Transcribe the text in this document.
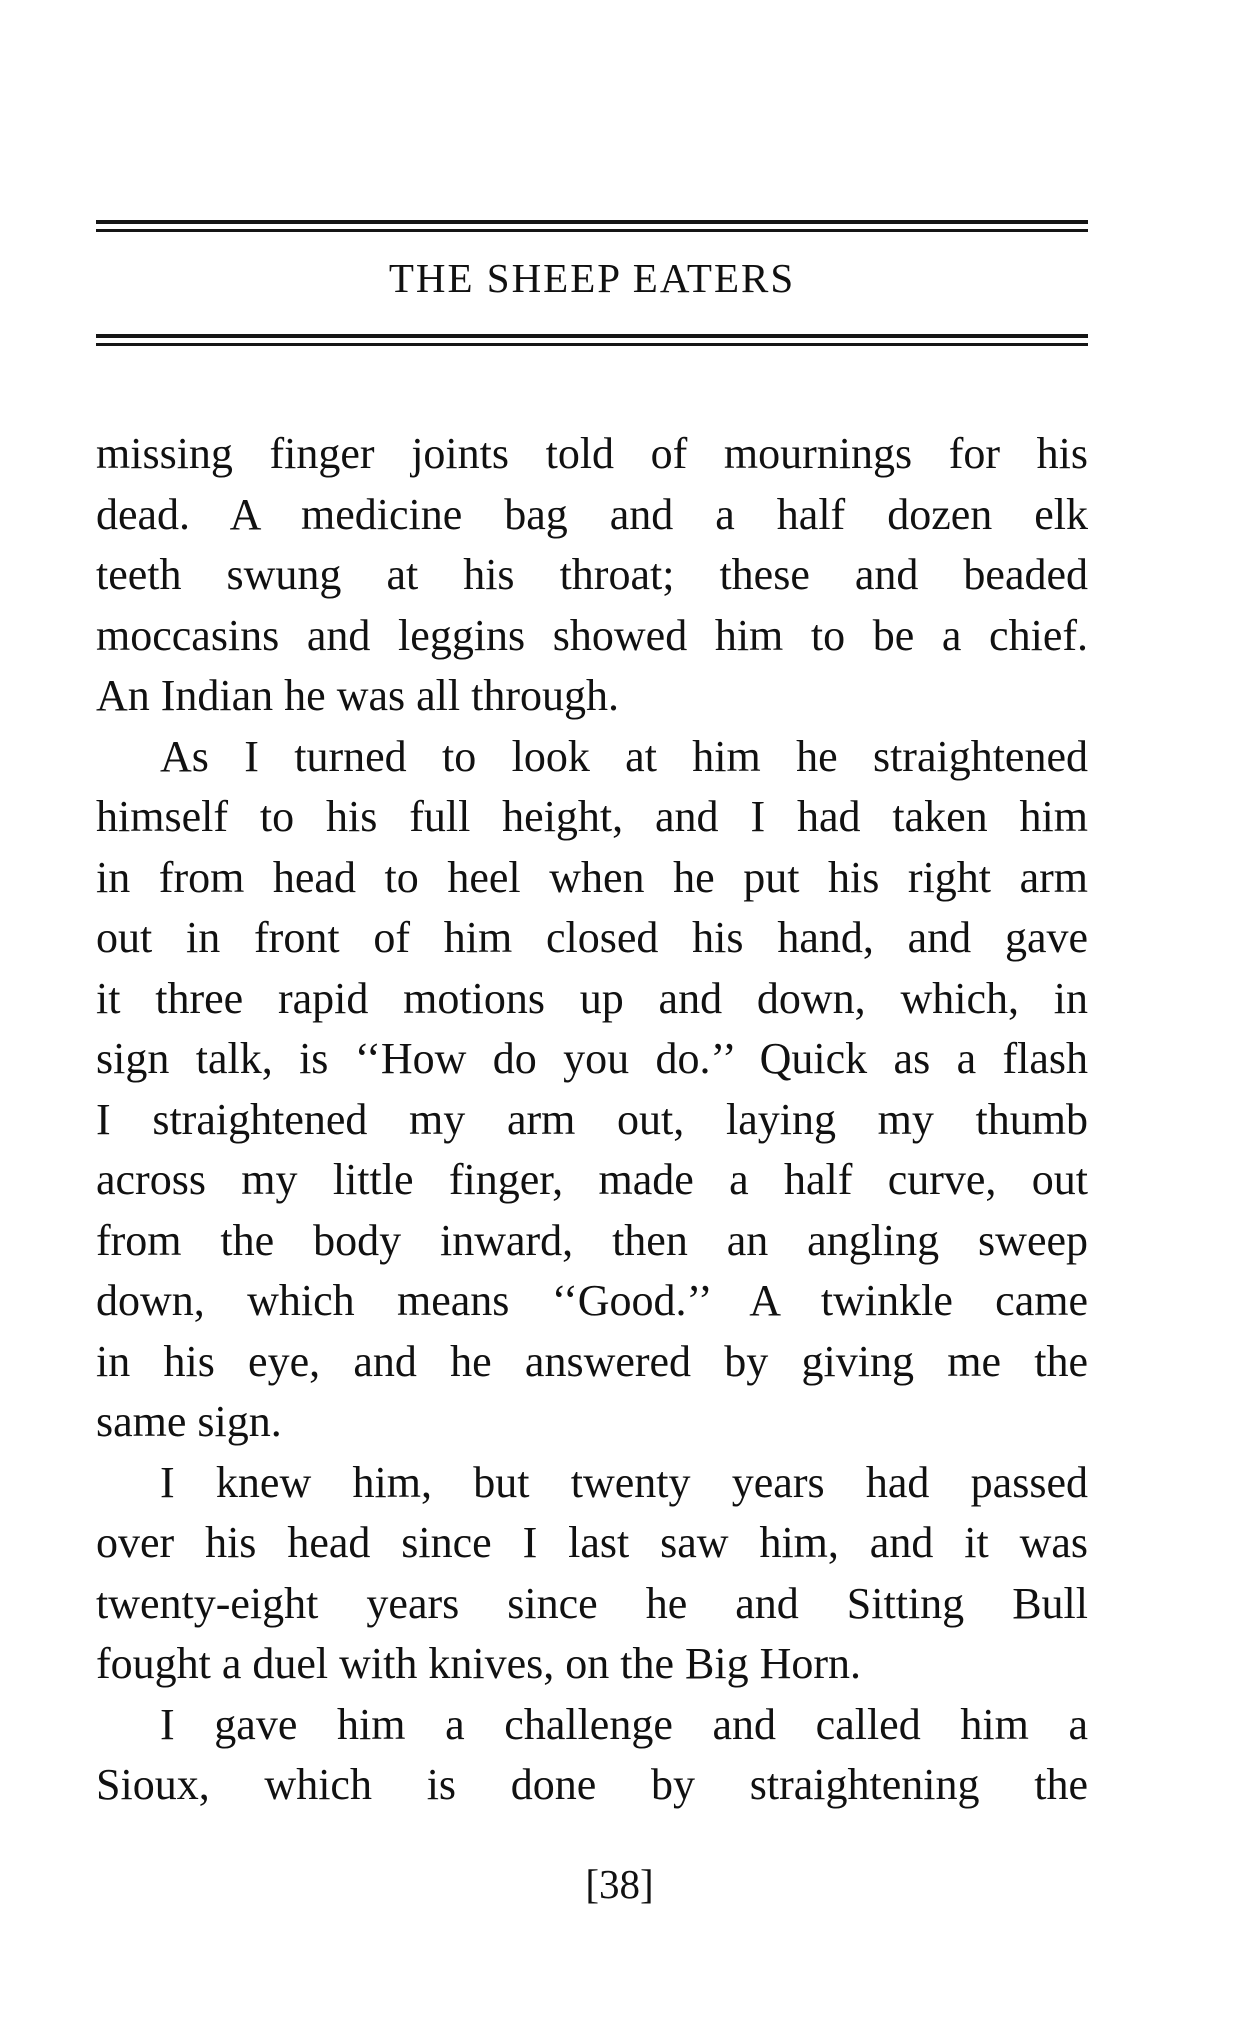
THE SHEEP EATERS
missing finger joints told of mournings for his
dead. A medicine bag and a half dozen elk
teeth swung at his throat; these and beaded
moccasins and leggins showed him to be a chief.
An Indian he was all through.
As I turned to look at him he straightened
himself to his full height, and I had taken him
in from head to heel when he put his right arm
out in front of him closed his hand, and gave
it three rapid motions up and down, which, in
sign talk, is ‘‘How do you do.’’ Quick as a flash
I straightened my arm out, laying my thumb
across my little finger, made a half curve, out
from the body inward, then an angling sweep
down, which means ‘‘Good.’’ A twinkle came
in his eye, and he answered by giving me the
same sign.
I knew him, but twenty years had passed
over his head since I last saw him, and it was
twenty-eight years since he and Sitting Bull
fought a duel with knives, on the Big Horn.
I gave him a challenge and called him a
Sioux, which is done by straightening the
[38]
